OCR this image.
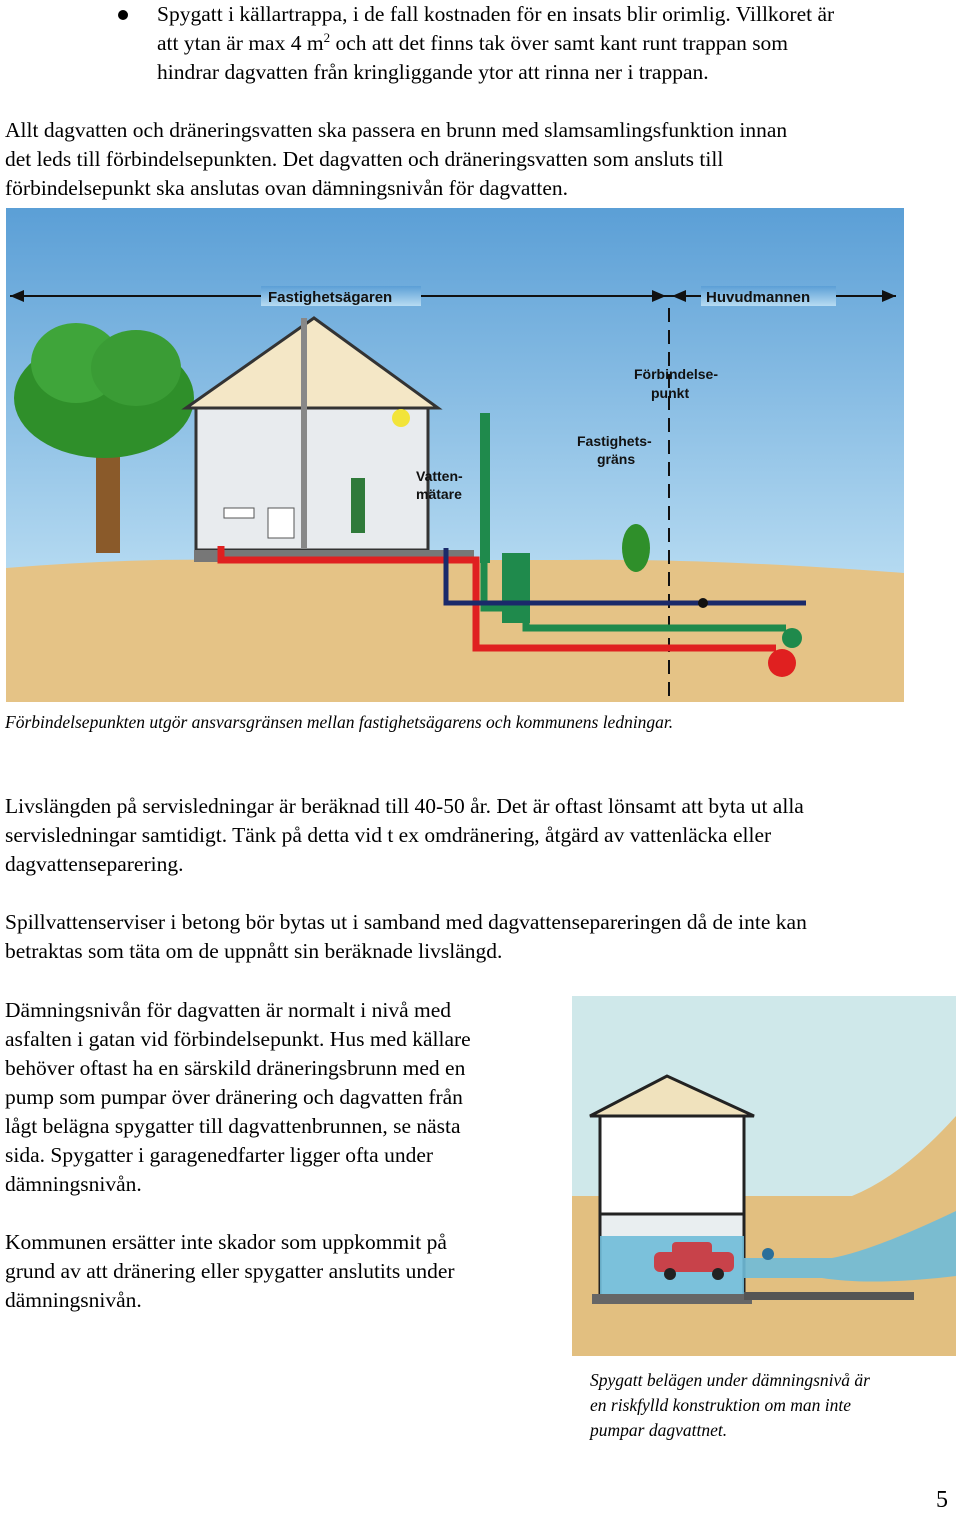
Spygatt i källartrappa, i de fall kostnaden för en insats blir orimlig. Villkoret är

att ytan är max 4 $m^2$ och att det finns tak över samt kant runt trappan som

hindrar dagvatten från kringliggande ytor att rinna ner i trappan.

Allt dagvatten och dräneringsvatten ska passera en brunn med slamsamlingsfunktion innan

det leds till förbindelsepunkten. Det dagvatten och dräneringsvatten som ansluts till

förbindelsepunkt ska anslutas ovan dämningsnivån för dagvatten.

Fastighetsägaren	Huvudmannen
Vatten-
mätare
Förbindelse-
punkt
Fastighets-
gräns

Förbindelsepunkten utgör ansvarsgränsen mellan fastighetsägarens och kommunens ledningar.

Livslängden på servisledningar är beräknad till 40-50 år. Det är oftast lönsamt att byta ut alla

servisledningar samtidigt. Tänk på detta vid t ex omdränering, åtgärd av vattenläcka eller

dagvattenseparering.

Spillvattenserviser i betong bör bytas ut i samband med dagvattensepareringen då de inte kan

betraktas som täta om de uppnått sin beräknade livslängd.

Dämningsnivån för dagvatten är normalt i nivå med

asfalten i gatan vid förbindelsepunkt. Hus med källare

behöver oftast ha en särskild dräneringsbrunn med en

pump som pumpar över dränering och dagvatten från

lågt belägna spygatter till dagvattenbrunnen, se nästa

sida. Spygatter i garagenedfarter ligger ofta under

dämningsnivån.

Kommunen ersätter inte skador som uppkommit på

grund av att dränering eller spygatter anslutits under

dämningsnivån.

Spygatt belägen under dämningsnivå är

en riskfylld konstruktion om man inte

pumpar dagvattnet.

5
